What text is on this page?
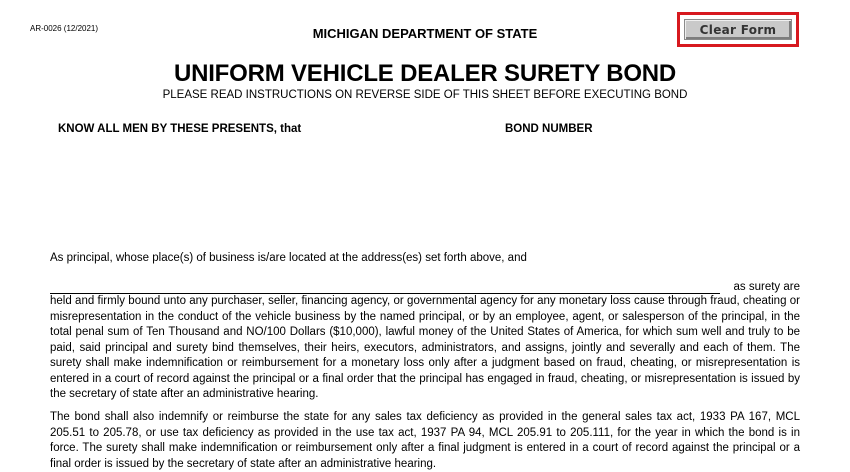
AR-0026 (12/2021)	MICHIGAN DEPARTMENT OF STATE	Clear Form
UNIFORM VEHICLE DEALER SURETY BOND
PLEASE READ INSTRUCTIONS ON REVERSE SIDE OF THIS SHEET BEFORE EXECUTING BOND
KNOW ALL MEN BY THESE PRESENTS, that	BOND NUMBER
As principal, whose place(s) of business is/are located at the address(es) set forth above, and
as surety are
held and firmly bound unto any purchaser, seller, financing agency, or governmental agency for any monetary loss cause through fraud, cheating or misrepresentation in the conduct of the vehicle business by the named principal, or by an employee, agent, or salesperson of the principal, in the total penal sum of Ten Thousand and NO/100 Dollars ($10,000), lawful money of the United States of America, for which sum well and truly to be paid, said principal and surety bind themselves, their heirs, executors, administrators, and assigns, jointly and severally and each of them. The surety shall make indemnification or reimbursement for a monetary loss only after a judgment based on fraud, cheating, or misrepresentation is entered in a court of record against the principal or a final order that the principal has engaged in fraud, cheating, or misrepresentation is issued by the secretary of state after an administrative hearing.
The bond shall also indemnify or reimburse the state for any sales tax deficiency as provided in the general sales tax act, 1933 PA 167, MCL 205.51 to 205.78, or use tax deficiency as provided in the use tax act, 1937 PA 94, MCL 205.91 to 205.111, for the year in which the bond is in force. The surety shall make indemnification or reimbursement only after a final judgment is entered in a court of record against the principal or a final order is issued by the secretary of state after an administrative hearing.
